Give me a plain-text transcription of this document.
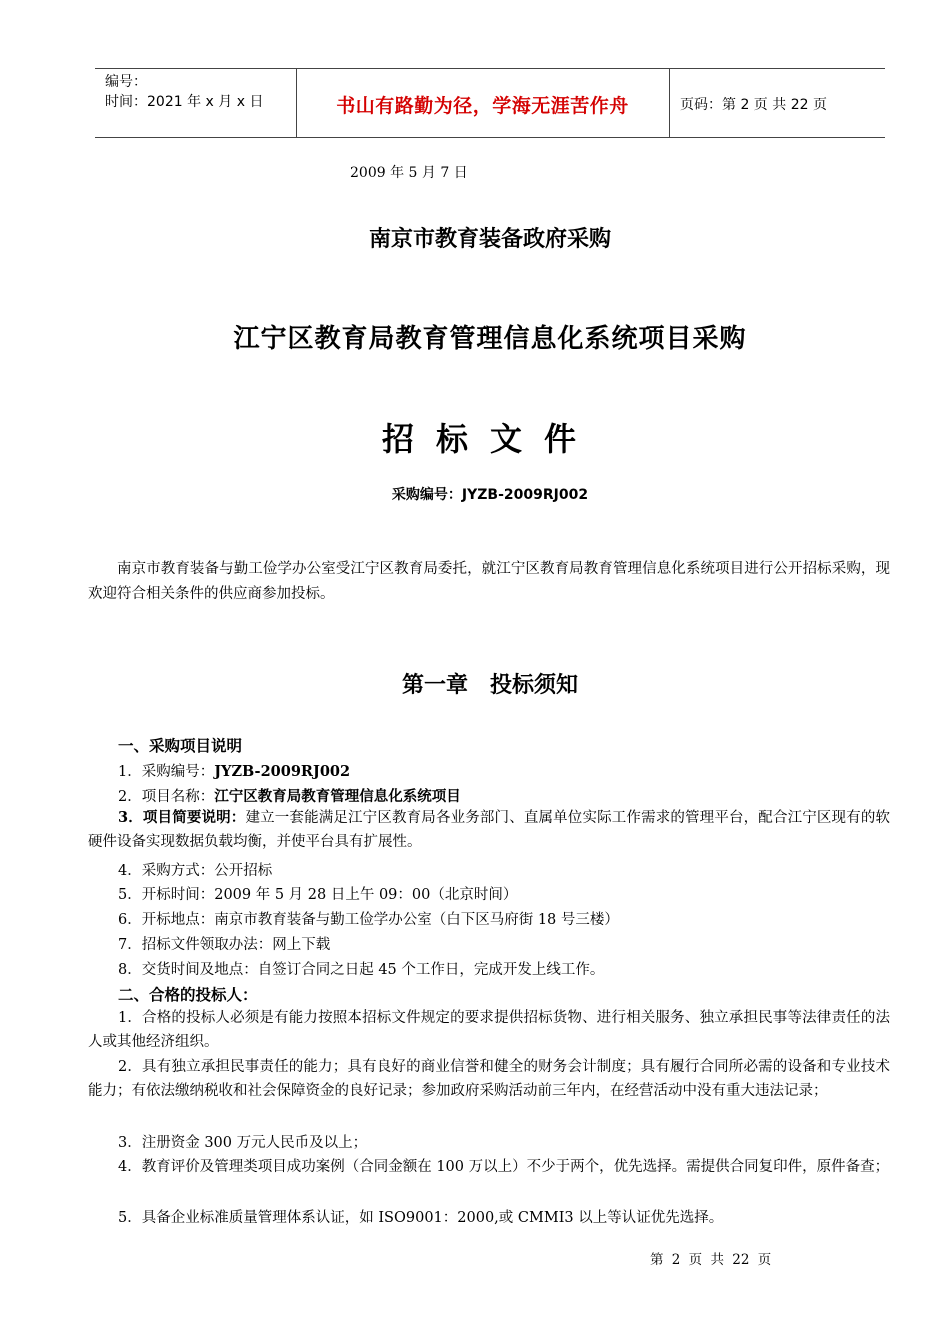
编号：
时间：2021 年 x 月 x 日	书山有路勤为径，学海无涯苦作舟	页码：第 2 页 共 22 页
2009 年 5 月 7 日
南京市教育装备政府采购
江宁区教育局教育管理信息化系统项目采购
招标文件
采购编号：JYZB-2009RJ002
南京市教育装备与勤工俭学办公室受江宁区教育局委托，就江宁区教育局教育管理信息化系统项目进行公开招标采购，现欢迎符合相关条件的供应商参加投标。
第一章　投标须知
一、采购项目说明
1．采购编号：JYZB-2009RJ002
2．项目名称：江宁区教育局教育管理信息化系统项目
3．项目简要说明：建立一套能满足江宁区教育局各业务部门、直属单位实际工作需求的管理平台，配合江宁区现有的软硬件设备实现数据负载均衡，并使平台具有扩展性。
4．采购方式：公开招标
5．开标时间：2009 年 5 月 28 日上午 09：00（北京时间）
6．开标地点：南京市教育装备与勤工俭学办公室（白下区马府街 18 号三楼）
7．招标文件领取办法：网上下载
8．交货时间及地点：自签订合同之日起 45 个工作日，完成开发上线工作。
二、合格的投标人：
1．合格的投标人必须是有能力按照本招标文件规定的要求提供招标货物、进行相关服务、独立承担民事等法律责任的法人或其他经济组织。
2．具有独立承担民事责任的能力；具有良好的商业信誉和健全的财务会计制度；具有履行合同所必需的设备和专业技术能力；有依法缴纳税收和社会保障资金的良好记录；参加政府采购活动前三年内，在经营活动中没有重大违法记录；
3．注册资金 300 万元人民币及以上；
4．教育评价及管理类项目成功案例（合同金额在 100 万以上）不少于两个，优先选择。需提供合同复印件，原件备查；
5．具备企业标准质量管理体系认证，如 ISO9001：2000,或 CMMI3 以上等认证优先选择。
第 2 页 共 22 页
